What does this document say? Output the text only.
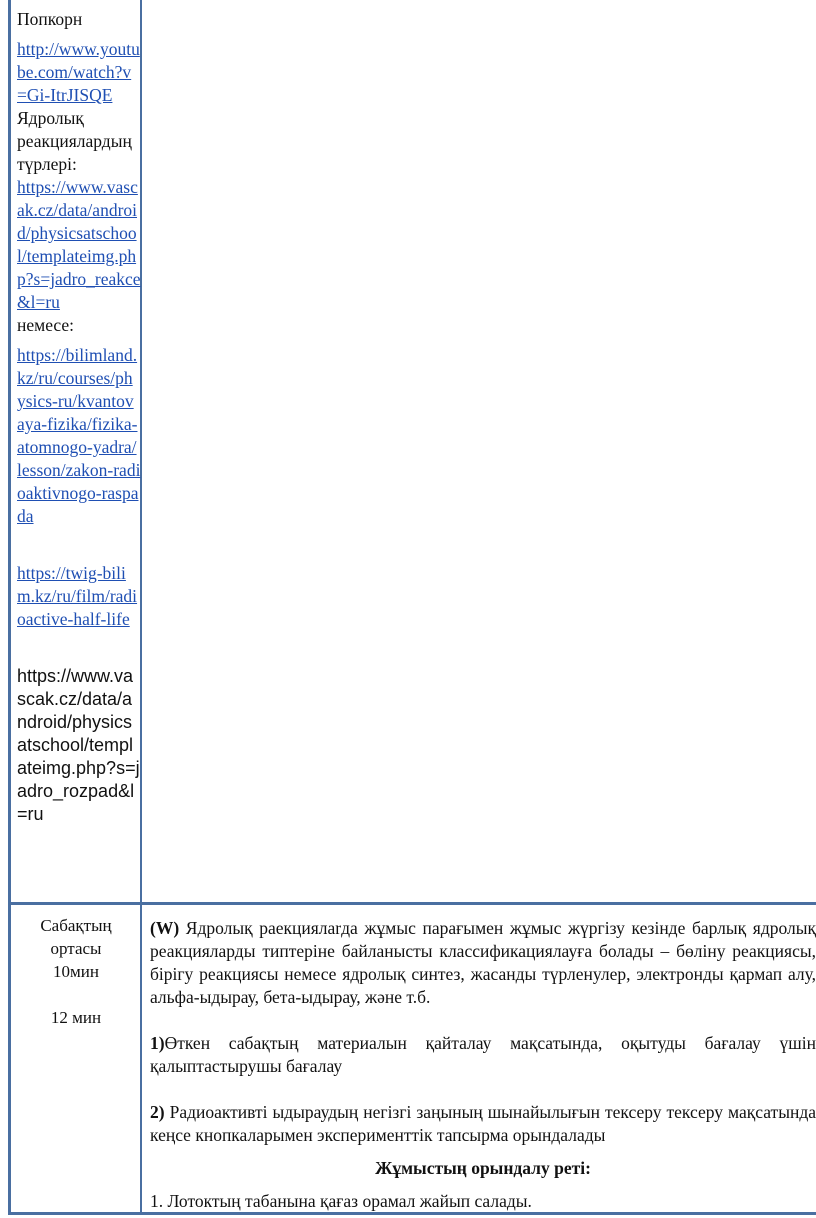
Попкорн
http://www.youtube.com/watch?v=Gi-ItrJISQE
Ядролық реакциялардың түрлері:
https://www.vascak.cz/data/android/physicsatschool/templateimg.php?s=jadro_reakce&l=ru
немесе:
https://bilimland.kz/ru/courses/physics-ru/kvantovaya-fizika/fizika-atomnogo-yadra/lesson/zakon-radioaktivnogo-raspada
https://twig-bilim.kz/ru/film/radioactive-half-life
https://www.vascak.cz/data/android/physicsatschool/templateimg.php?s=jadro_rozpad&l=ru
Сабақтың
ортасы
10мин
12 мин

(W) Ядролық раекциялarда жұмыс парағымен жұмыс жүргізу кезінде барлық ядролық реакцияларды типтеріне байланысты классификациялауға болады – бөліну реакциясы, бірігу реакциясы немесе ядролық синтез, жасанды түрленулер, электронды қармап алу, альфа-ыдырау, бета-ыдырау, және т.б.

1)Өткен сабақтың материалын қайталау мақсатында, оқытуды бағалау үшін қалыптастырушы бағалау

2) Радиоактивті ыдыраудың негізгі заңының шынайылығын тексеру тексеру мақсатында кеңсе кнопкаларымен эксперименттік тапсырма орындалады

Жұмыстың орындалу реті:

1. Лотоктың табанына қағаз орамал жайып салады.
